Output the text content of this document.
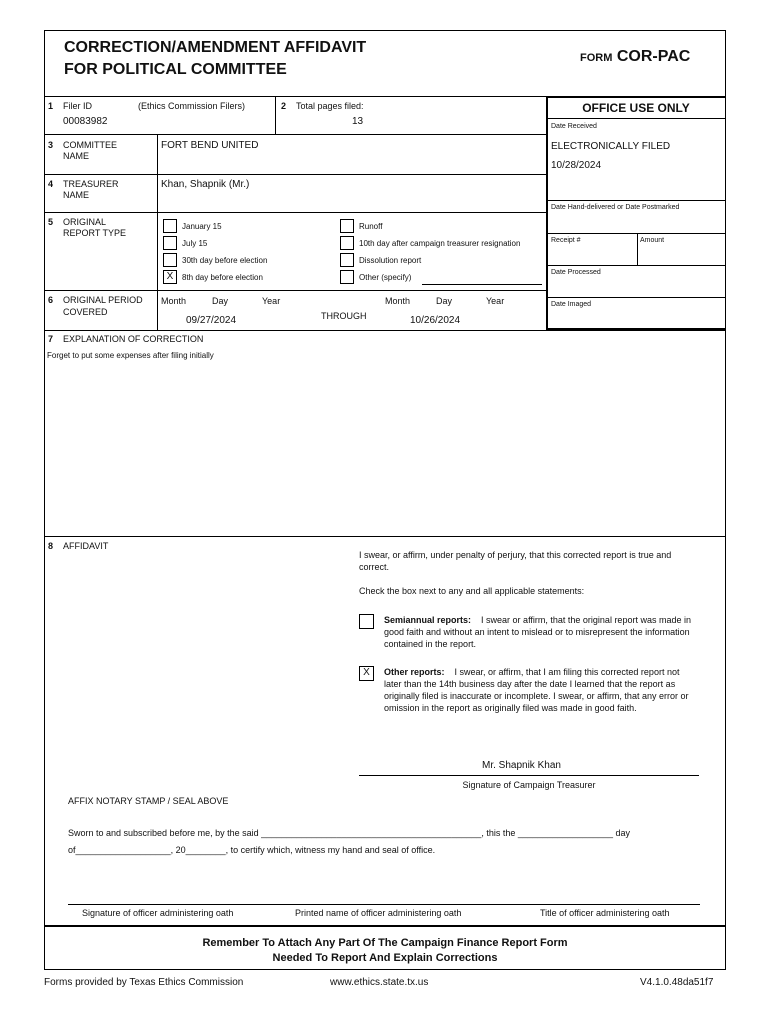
CORRECTION/AMENDMENT AFFIDAVIT
FOR POLITICAL COMMITTEE
FORM COR-PAC
OFFICE USE ONLY
Date Received
ELECTRONICALLY FILED
10/28/2024
Date Hand-delivered or Date Postmarked
Receipt #	Amount
Date Processed
Date Imaged
1 Filer ID	(Ethics Commission Filers)
00083982
2 Total pages filed:
13
3 COMMITTEE
NAME
FORT BEND UNITED
4 TREASURER
NAME
Khan, Shapnik (Mr.)
5 ORIGINAL
REPORT TYPE
January 15
July 15
30th day before election
X	8th day before election
Runoff
10th day after campaign treasurer resignation
Dissolution report
Other (specify)
6 ORIGINAL PERIOD
COVERED
Month	Day	Year
09/27/2024	THROUGH
Month	Day	Year
10/26/2024
7 EXPLANATION OF CORRECTION
Forget to put some expenses after filing initially
8 AFFIDAVIT
I swear, or affirm, under penalty of perjury, that this corrected report is true and correct.
Check the box next to any and all applicable statements:
Semiannual reports: I swear or affirm, that the original report was made in good faith and without an intent to mislead or to misrepresent the information contained in the report.
X	Other reports: I swear, or affirm, that I am filing this corrected report not later than the 14th business day after the date I learned that the report as originally filed is inaccurate or incomplete. I swear, or affirm, that any error or omission in the report as originally filed was made in good faith.
Mr. Shapnik Khan
Signature of Campaign Treasurer
AFFIX NOTARY STAMP / SEAL ABOVE
Sworn to and subscribed before me, by the said ____________________________________________, this the ___________________ day
of___________________, 20________, to certify which, witness my hand and seal of office.
Signature of officer administering oath	Printed name of officer administering oath	Title of officer administering oath
Remember To Attach Any Part Of The Campaign Finance Report Form
Needed To Report And Explain Corrections
Forms provided by Texas Ethics Commission	www.ethics.state.tx.us	V4.1.0.48da51f7
